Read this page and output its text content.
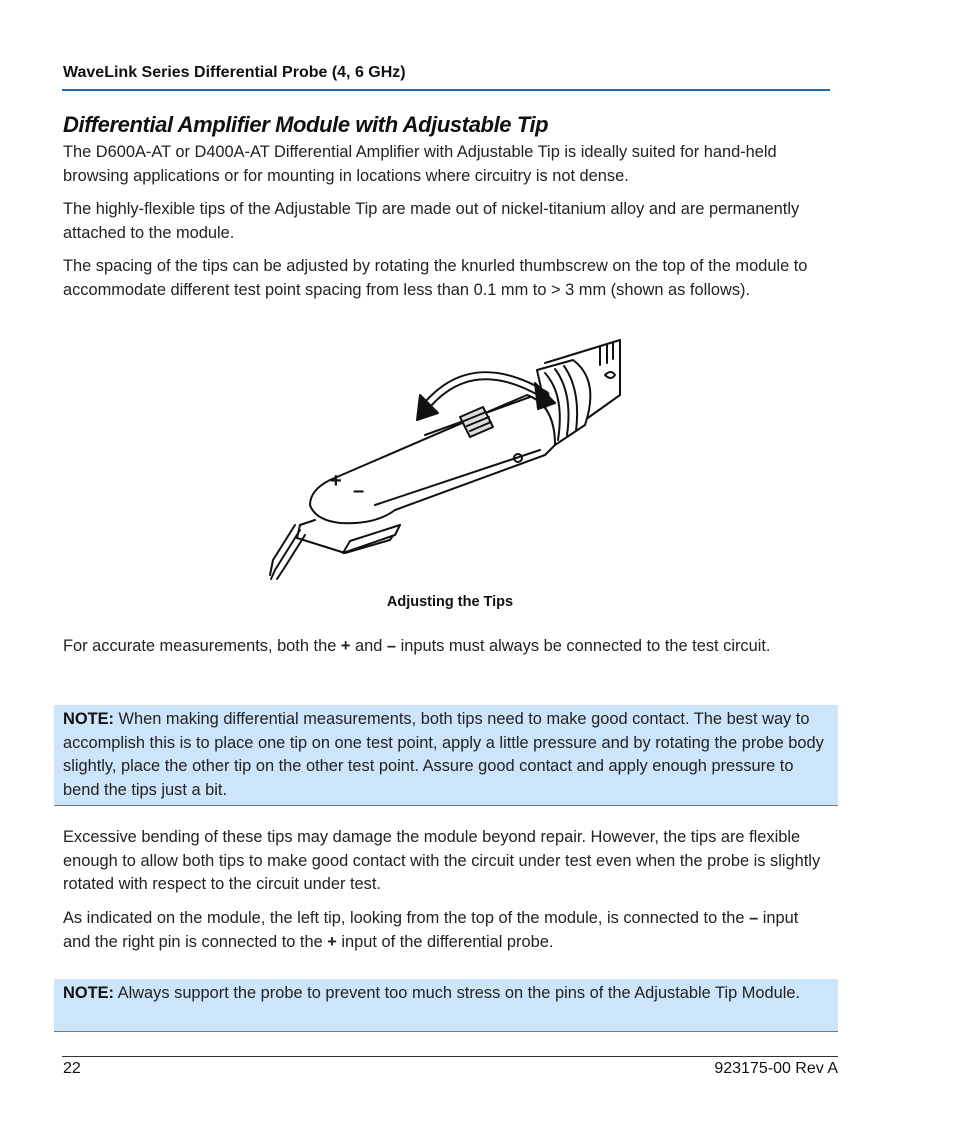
WaveLink Series Differential Probe (4, 6 GHz)
Differential Amplifier Module with Adjustable Tip

The D600A-AT or D400A-AT Differential Amplifier with Adjustable Tip is ideally suited for hand-held browsing applications or for mounting in locations where circuitry is not dense.

The highly-flexible tips of the Adjustable Tip are made out of nickel-titanium alloy and are permanently attached to the module.

The spacing of the tips can be adjusted by rotating the knurled thumbscrew on the top of the module to accommodate different test point spacing from less than 0.1 mm to > 3 mm (shown as follows).

+ –
Adjusting the Tips

For accurate measurements, both the + and – inputs must always be connected to the test circuit.

NOTE: When making differential measurements, both tips need to make good contact. The best way to accomplish this is to place one tip on one test point, apply a little pressure and by rotating the probe body slightly, place the other tip on the other test point. Assure good contact and apply enough pressure to bend the tips just a bit.

Excessive bending of these tips may damage the module beyond repair. However, the tips are flexible enough to allow both tips to make good contact with the circuit under test even when the probe is slightly rotated with respect to the circuit under test.

As indicated on the module, the left tip, looking from the top of the module, is connected to the – input and the right pin is connected to the + input of the differential probe.

NOTE: Always support the probe to prevent too much stress on the pins of the Adjustable Tip Module.
22	923175-00 Rev A
